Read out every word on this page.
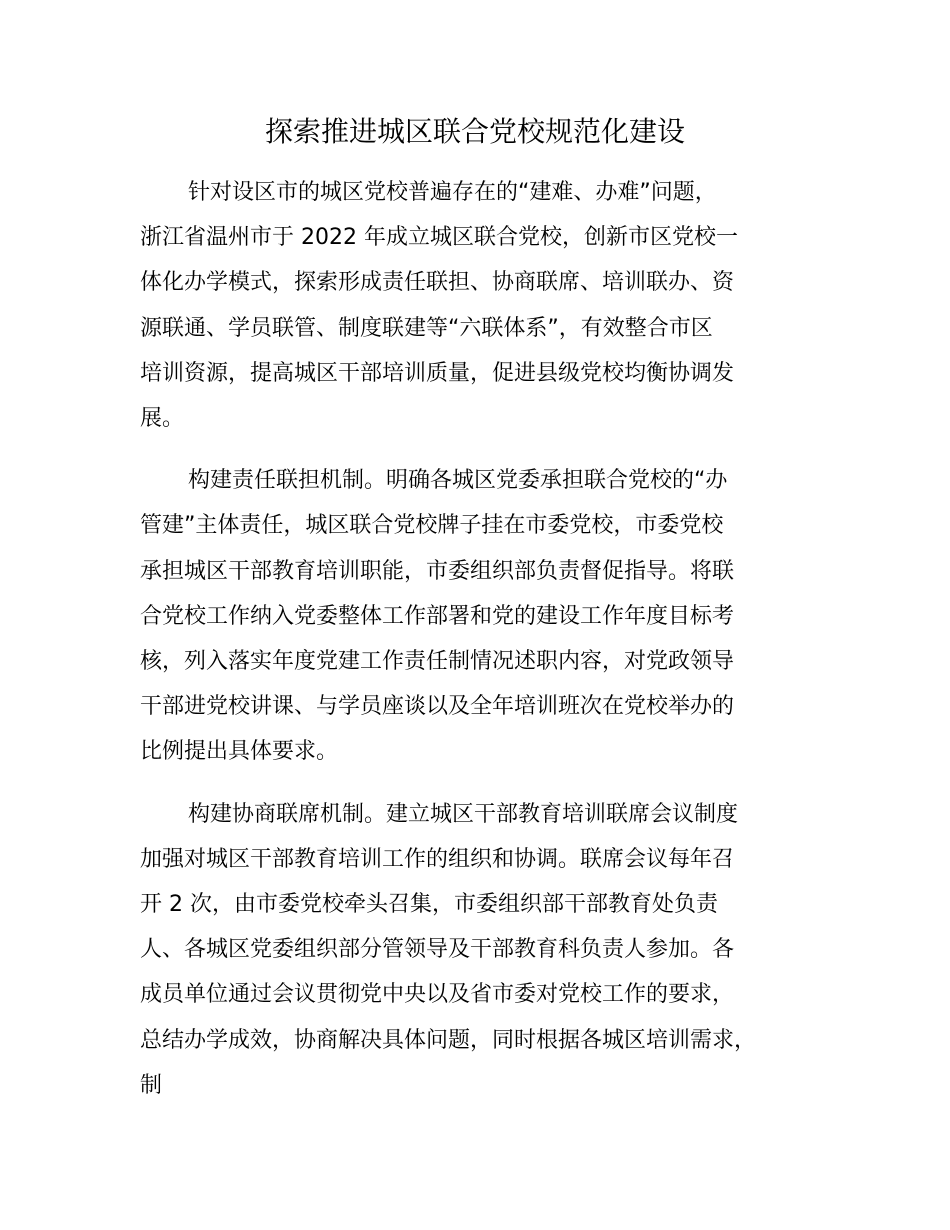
探索推进城区联合党校规范化建设
针对设区市的城区党校普遍存在的“建难、办难”问题，
浙江省温州市于 2022 年成立城区联合党校，创新市区党校一
体化办学模式，探索形成责任联担、协商联席、培训联办、资
源联通、学员联管、制度联建等“六联体系”，有效整合市区
培训资源，提高城区干部培训质量，促进县级党校均衡协调发
展。
构建责任联担机制。明确各城区党委承担联合党校的“办
管建”主体责任，城区联合党校牌子挂在市委党校，市委党校
承担城区干部教育培训职能，市委组织部负责督促指导。将联
合党校工作纳入党委整体工作部署和党的建设工作年度目标考
核，列入落实年度党建工作责任制情况述职内容，对党政领导
干部进党校讲课、与学员座谈以及全年培训班次在党校举办的
比例提出具体要求。
构建协商联席机制。建立城区干部教育培训联席会议制度
加强对城区干部教育培训工作的组织和协调。联席会议每年召
开 2 次，由市委党校牵头召集，市委组织部干部教育处负责
人、各城区党委组织部分管领导及干部教育科负责人参加。各
成员单位通过会议贯彻党中央以及省市委对党校工作的要求，
总结办学成效，协商解决具体问题，同时根据各城区培训需求，
制
